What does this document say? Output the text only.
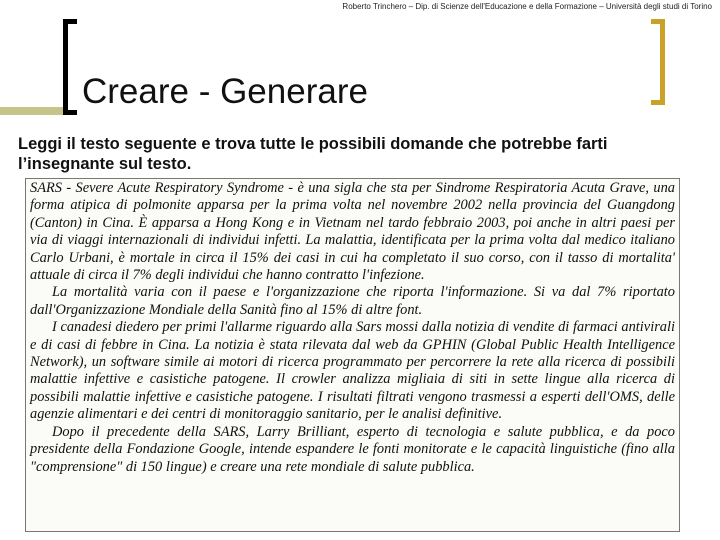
Roberto Trinchero – Dip. di Scienze dell'Educazione e della Formazione – Università degli studi di Torino
Creare - Generare
Leggi il testo seguente e trova tutte le possibili domande che potrebbe farti l’insegnante sul testo.

SARS - Severe Acute Respiratory Syndrome - è una sigla che sta per Sindrome Respiratoria Acuta Grave, una forma atipica di polmonite apparsa per la prima volta nel novembre 2002 nella provincia del Guangdong (Canton) in Cina. È apparsa a Hong Kong e in Vietnam nel tardo febbraio 2003, poi anche in altri paesi per via di viaggi internazionali di individui infetti. La malattia, identificata per la prima volta dal medico italiano Carlo Urbani, è mortale in circa il 15% dei casi in cui ha completato il suo corso, con il tasso di mortalita' attuale di circa il 7% degli individui che hanno contratto l'infezione.

La mortalità varia con il paese e l'organizzazione che riporta l'informazione. Si va dal 7% riportato dall'Organizzazione Mondiale della Sanità fino al 15% di altre font.

I canadesi diedero per primi l'allarme riguardo alla Sars mossi dalla notizia di vendite di farmaci antivirali e di casi di febbre in Cina. La notizia è stata rilevata dal web da GPHIN (Global Public Health Intelligence Network), un software simile ai motori di ricerca programmato per percorrere la rete alla ricerca di possibili malattie infettive e casistiche patogene. Il crowler analizza migliaia di siti in sette lingue alla ricerca di possibili malattie infettive e casistiche patogene. I risultati filtrati vengono trasmessi a esperti dell'OMS, delle agenzie alimentari e dei centri di monitoraggio sanitario, per le analisi definitive.

Dopo il precedente della SARS, Larry Brilliant, esperto di tecnologia e salute pubblica, e da poco presidente della Fondazione Google, intende espandere le fonti monitorate e le capacità linguistiche (fino alla "comprensione" di 150 lingue) e creare una rete mondiale di salute pubblica.
